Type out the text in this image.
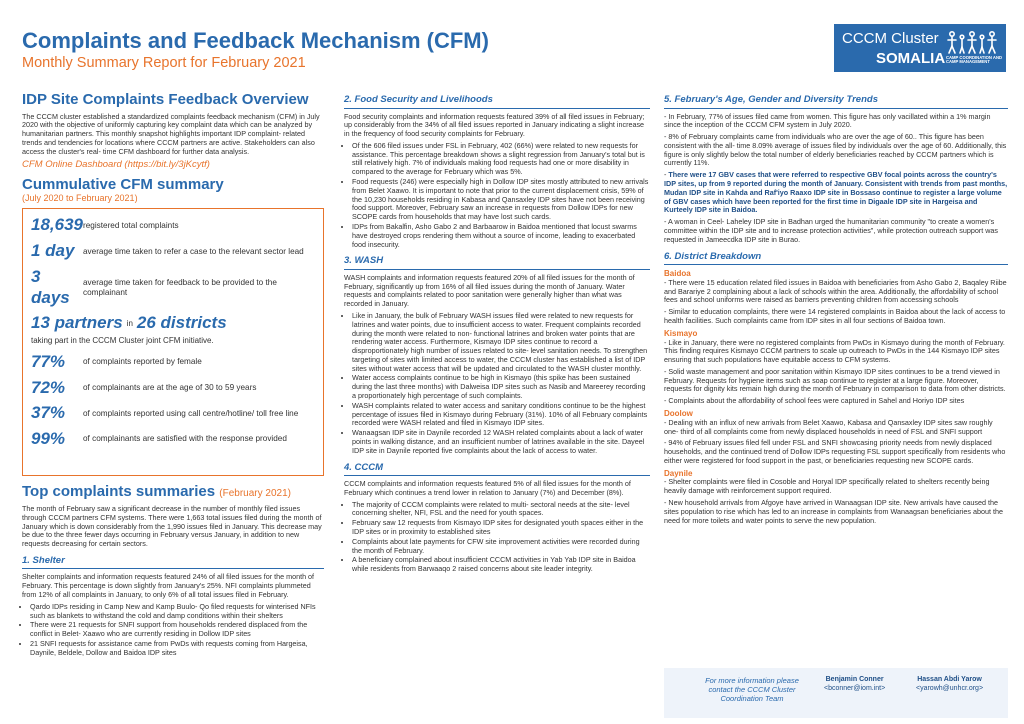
Complaints and Feedback Mechanism (CFM)
Monthly Summary Report for February 2021
CCCM Cluster
SOMALIA CAMP COORDINATION AND CAMP MANAGEMENT
IDP Site Complaints Feedback Overview

The CCCM cluster established a standardized complaints feedback mechanism (CFM) in July 2020 with the objective of uniformly capturing key complaint data which can be analyzed by humanitarian partners. This monthly snapshot highlights important IDP complaint- related trends and tendencies for locations where CCCM partners are active. Stakeholders can also access the cluster's real- time CFM dashboard for further data analysis.

CFM Online Dashboard (https://bit.ly/3jKcytf)
Cummulative CFM summary
(July 2020 to February 2021)
18,639 registered total complaints
1 day	average time taken to refer a case to the relevant sector lead
3 days
average time taken for feedback to be provided to the complainant
13 partners in 26 districts
taking part in the CCCM Cluster joint CFM initiative.
77%	of complaints reported by female
72%	of complainants are at the age of 30 to 59 years
37%	of complaints reported using call centre/hotline/ toll free line
99%	of complainants are satisfied with the response provided
Top complaints summaries (February 2021)

The month of February saw a significant decrease in the number of monthly filed issues through CCCM partners CFM systems. There were 1,663 total issues filed during the month of January which is down considerably from the 1,990 issues filed in January. This decrease may be due to the three fewer days occurring in February versus January, in addition to new requests decreasing for certain sectors.

1. Shelter

Shelter complaints and information requests featured 24% of all filed issues for the month of February. This percentage is down slightly from January's 25%. NFI complaints plummeted from 12% of all complaints in January, to only 6% of all total issues filed in February.

• Qardo IDPs residing in Camp New and Kamp Buulo- Qo filed requests for winterised NFIs such as blankets to withstand the cold and damp conditions within their shelters
• There were 21 requests for SNFI support from households rendered displaced from the conflict in Belet- Xaawo who are currently residing in Dollow IDP sites
• 21 SNFI requests for assistance came from PwDs with requests coming from Hargeisa, Daynile, Beldele, Dollow and Baidoa IDP sites
2. Food Security and Livelihoods

Food security complaints and information requests featured 39% of all filed issues in February; up considerably from the 34% of all filed issues reported in January indicating a slight increase in the frequency of food security complaints for February.

• Of the 606 filed issues under FSL in February, 402 (66%) were related to new requests for assistance. This percentage breakdown shows a slight regression from January's total but is still relatively high. 7% of individuals making food requests had one or more disability in compared to the average for February which was 5%.
• Food requests (246) were especially high in Dollow IDP sites mostly attributed to new arrivals from Belet Xaawo. It is important to note that prior to the current displacement crisis, 59% of the 10,230 households residing in Kabasa and Qansaxley IDP sites have not been receiving food support. Moreover, February saw an increase in requests from Dollow IDPs for new SCOPE cards from households that may have lost such cards.
• IDPs from Bakalfin, Asho Gabo 2 and Barbaarow in Baidoa mentioned that locust swarms have destroyed crops rendering them without a source of income, leading to exacerbated food insecurity.
3. WASH

WASH complaints and information requests featured 20% of all filed issues for the month of February, significantly up from 16% of all filed issues during the month of January. Water requests and complaints related to poor sanitation were generally higher than what was recorded in January.

• Like in January, the bulk of February WASH issues filed were related to new requests for latrines and water points, due to insufficient access to water. Frequent complaints recorded during the month were related to non- functional latrines and broken water points that are rendering water access. Furthermore, Kismayo IDP sites continue to record a disproportionately high number of issues related to site- level sanitation needs. To strengthen targeting of sites with limited access to water, the CCCM cluster has established a list of IDP sites without water access that will be updated and circulated to the WASH cluster monthly.
• Water access complaints continue to be high in Kismayo (this spike has been sustained during the last three months) with Dalweisa IDP sites such as Nasib and Mareerey recording a proportionately high percentage of such complaints.
• WASH complaints related to water access and sanitary conditions continue to be the highest percentage of issues filed in Kismayo during February (31%). 10% of all February complaints recorded were WASH related and filed in Kismayo IDP sites.
• Wanaagsan IDP site in Daynile recorded 12 WASH related complaints about a lack of water points in walking distance, and an insufficient number of latrines available in the site. Dayeel IDP site in Daynile reported five complaints about the lack of access to water.
4. CCCM

CCCM complaints and information requests featured 5% of all filed issues for the month of February which continues a trend lower in relation to January (7%) and December (8%).

• The majority of CCCM complaints were related to multi- sectoral needs at the site- level concerning shelter, NFI, FSL and the need for youth spaces.
• February saw 12 requests from Kismayo IDP sites for designated youth spaces either in the IDP sites or in proximity to established sites
• Complaints about late payments for CFW site improvement activities were recorded during the month of February.
• A beneficiary complained about insufficient CCCM activities in Yab Yab IDP site in Baidoa while residents from Barwaaqo 2 raised concerns about site leader integrity.
5. February's Age, Gender and Diversity Trends

- In February, 77% of issues filed came from women. This figure has only vacillated within a 1% margin since the inception of the CCCM CFM system in July 2020.

- 8% of February complaints came from individuals who are over the age of 60.. This figure has been consistent with the all- time 8.09% average of issues filed by individuals over the age of 60. Additionally, this figure is only slightly below the total number of elderly beneficiaries reached by CCCM partners which is currently 11%.

- There were 17 GBV cases that were referred to respective GBV focal points across the country's IDP sites, up from 9 reported during the month of January. Consistent with trends from past months, Mudan IDP site in Kahda and Raf'iyo Raaxo IDP site in Bossaso continue to register a large volume of GBV cases which have been reported for the first time in Digaale IDP site in Hargeisa and Kurteely IDP site in Baidoa.

- A woman in Ceel- Laheley IDP site in Badhan urged the humanitarian community "to create a women's committee within the IDP site and to increase protection activities", while protection outreach support was requested in Jameecdka IDP site in Burao.

6. District Breakdown
Baidoa

- There were 15 education related filed issues in Baidoa with beneficiaries from Asho Gabo 2, Baqaley Riibe and Barariye 2 complaining about a lack of schools within the area. Additionally, the affordability of school fees and school uniforms were raised as barriers preventing children from accessing schools

- Similar to education complaints, there were 14 registered complaints in Baidoa about the lack of access to health facilities. Such complaints came from IDP sites in all four sections of Baidoa town.

Kismayo

- Like in January, there were no registered complaints from PwDs in Kismayo during the month of February. This finding requires Kismayo CCCM partners to scale up outreach to PwDs in the 144 Kismayo IDP sites ensuring that such populations have equitable access to CFM systems.

- Solid waste management and poor sanitation within Kismayo IDP sites continues to be a trend viewed in February. Requests for hygiene items such as soap continue to register at a large figure. Moreover, requests for dignity kits remain high during the month of February in comparison to data from other districts.

- Complaints about the affordability of school fees were captured in Sahel and Horiyo IDP sites

Doolow

- Dealing with an influx of new arrivals from Belet Xaawo, Kabasa and Qansaxley IDP sites saw roughly one- third of all complaints come from newly displaced households in need of FSL and SNFI support

- 94% of February issues filed fell under FSL and SNFI showcasing priority needs from newly displaced households, and the continued trend of Dollow IDPs requesting FSL support specifically from residents who either were registered for food support in the past, or beneficiaries requesting new SCOPE cards.

Daynile

- Shelter complaints were filed in Cosoble and Horyal IDP specifically related to shelters recently being heavily damage with reinforcement support required.

- New household arrivals from Afgoye have arrived in Wanaagsan IDP site. New arrivals have caused the sites population to rise which has led to an increase in complaints from Wanaagsan beneficiaries about the need for more toilets and water points to serve the new population.

For more information please contact the CCCM Cluster Coordination Team
Benjamin Conner
<bconner@iom.int>
Hassan Abdi Yarow
<yarowh@unhcr.org>
